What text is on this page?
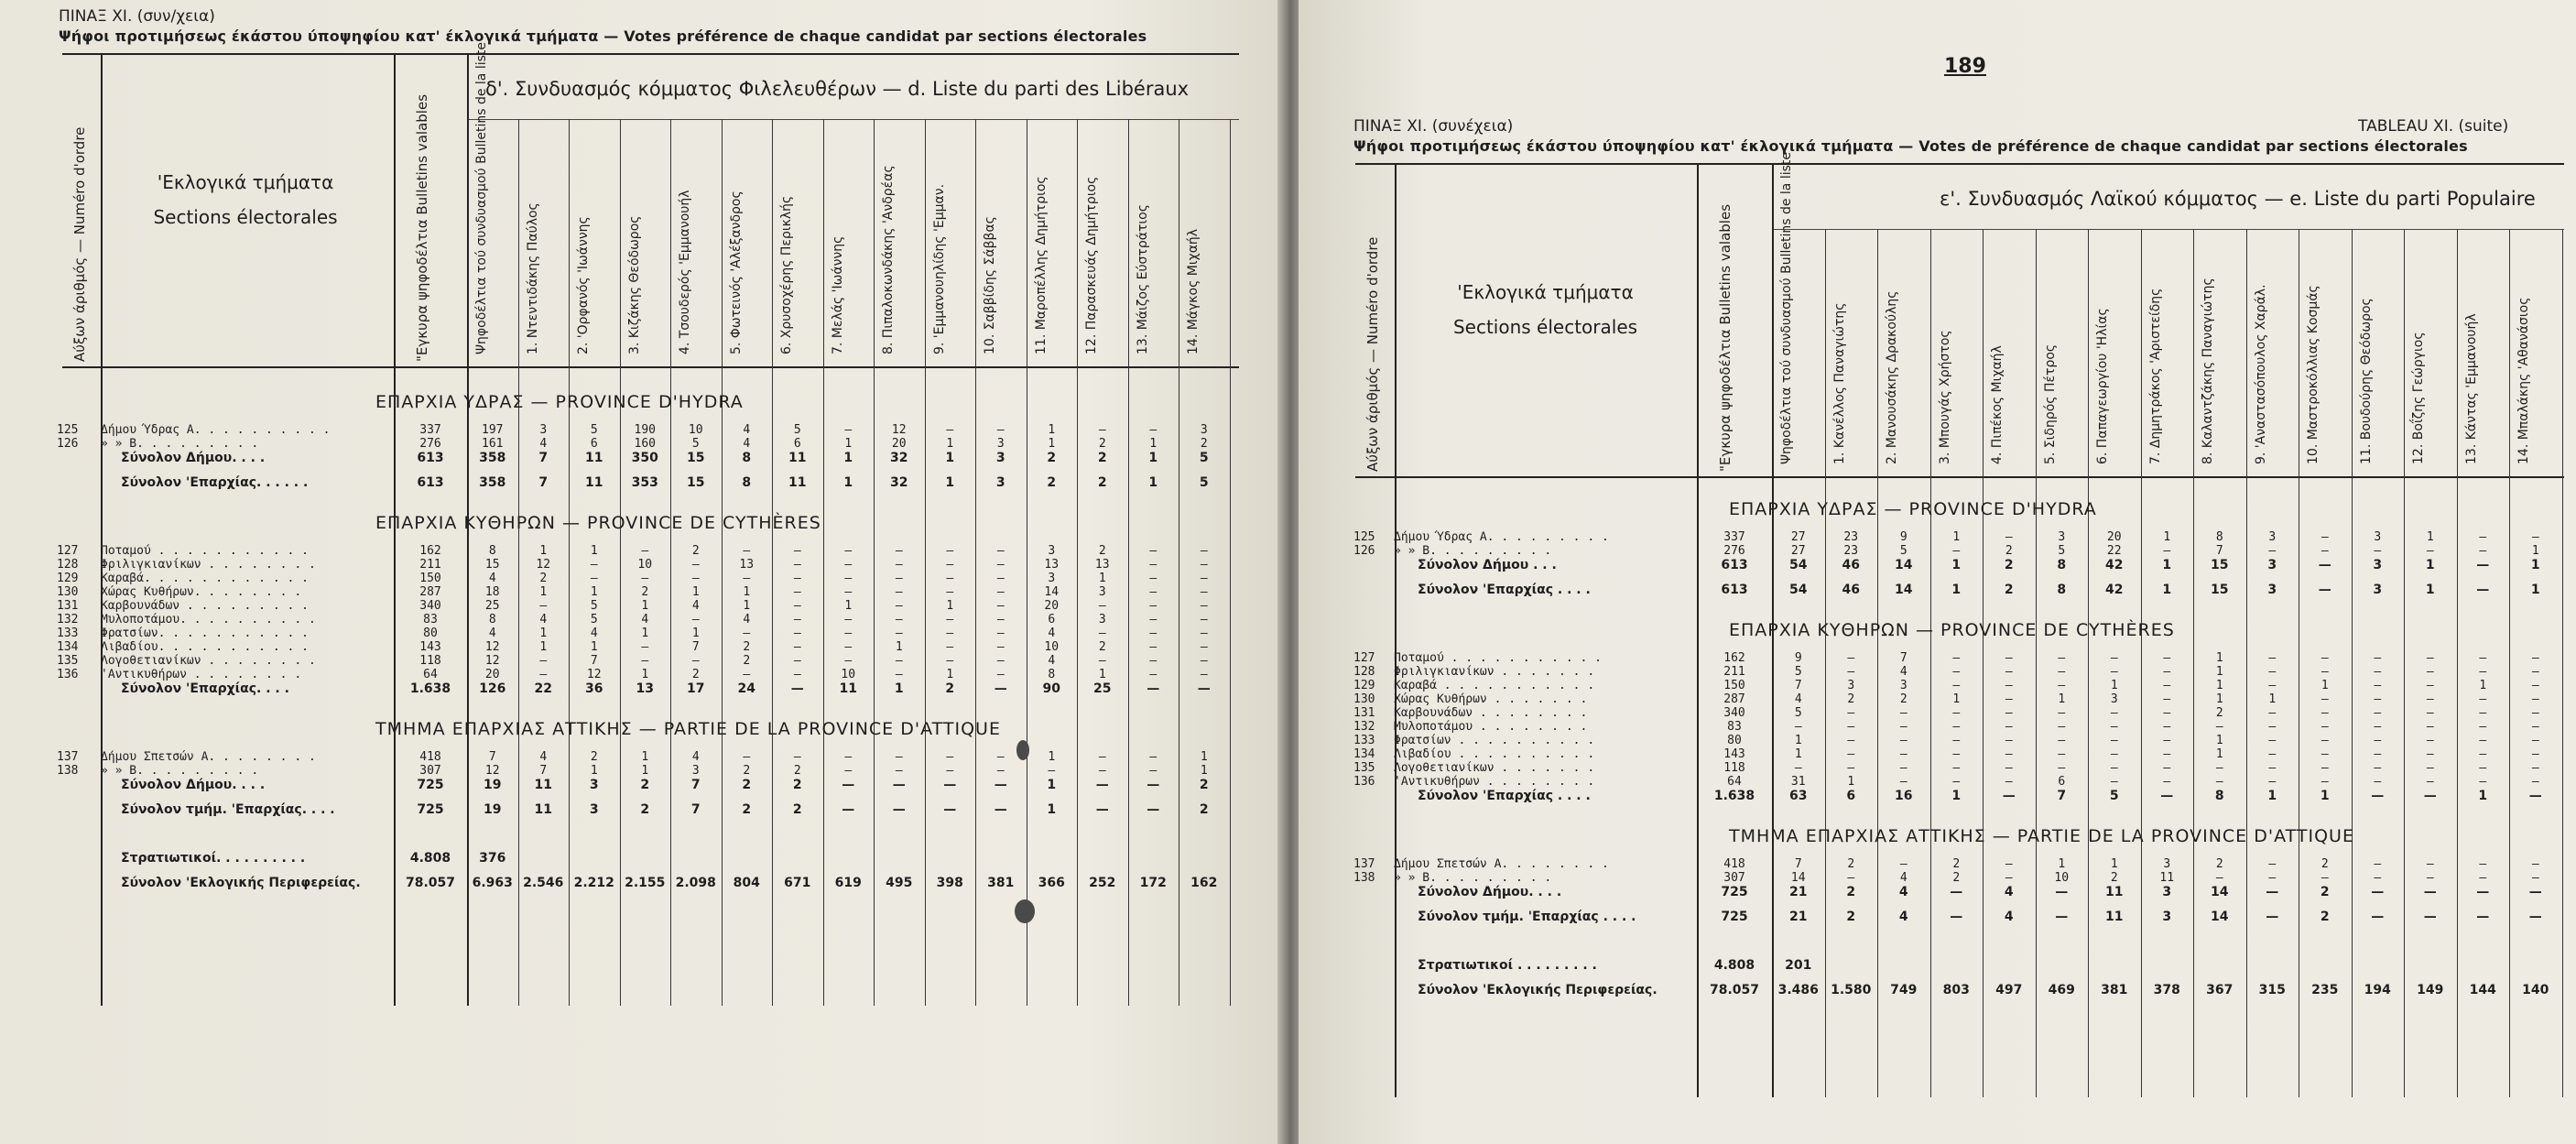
ΠΙΝΑΞ XI. (συν/χεια)
Ψήφοι προτιμήσεως έκάστου ύποψηφίου κατ' έκλογικά τμήματα — Votes préférence de chaque candidat par sections électorales
Αύξων άριθμός — Numéro d'ordre	'Εκλογικά τμήματα
Sections électorales	"Εγκυρα ψηφοδέλτια Bulletins valables
δ'. Συνδυασμός κόμματος Φιλελευθέρων — d. Liste du parti des Libéraux
Ψηφοδέλτια τού συνδυασμού Bulletins de la liste	1. Ντεντιδάκης Παύλος	2. 'Ορφανός 'Ιωάννης	3. Κιζάκης Θεόδωρος	4. Τσουδερός 'Εμμανουήλ	5. Φωτεινός 'Αλέξανδρος	6. Χρυσοχέρης Περικλής	7. Μελάς 'Ιωάννης	8. Πιπαλοκωνδάκης 'Ανδρέας	9. 'Εμμανουηλίδης 'Εμμαν.	10. Σαββίδης Σάββας	11. Μαροπέλλης Δημήτριος	12. Παρασκευάς Δημήτριος	13. Μάιζος Εύστράτιος	14. Μάγκος Μιχαήλ
ΕΠΑΡΧΙΑ ΥΔΡΑΣ — PROVINCE D'HYDRA
125 Δήμου Ύδρας Α. . . . . . . . . .	337	197	3	5	190	10	4	5	—	12	—	—	1	—	—	3
126 » » Β. . . . . . . . .	276	161	4	6	160	5	4	6	1	20	1	3	1	2	1	2
Σύνολον Δήμου. . . .	613	358	7	11	350	15	8	11	1	32	1	3	2	2	1	5
Σύνολον 'Επαρχίας. . . . . .	613	358	7	11	353	15	8	11	1	32	1	3	2	2	1	5
ΕΠΑΡΧΙΑ ΚΥΘΗΡΩΝ — PROVINCE DE CYTHÈRES
127 Ποταμού . . . . . . . . . . .	162	8	1	1	—	2	—	—	—	—	—	—	3	2	—	—
128 Φριλιγκιανίκων . . . . . . . .	211	15	12	—	10	—	13	—	—	—	—	—	13	13	—	—
129 Καραβά. . . . . . . . . . . .	150	4	2	—	—	—	—	—	—	—	—	—	3	1	—	—
130 Χώρας Κυθήρων. . . . . . . .	287	18	1	1	2	1	1	—	—	—	—	—	14	3	—	—
131 Καρβουνάδων . . . . . . . . .	340	25	—	5	1	4	1	—	1	—	1	—	20	—	—	—
132 Μυλοποτάμου. . . . . . . . . .	83	8	4	5	4	—	4	—	—	—	—	—	6	3	—	—
133 Φρατσίων. . . . . . . . . . .	80	4	1	4	1	1	—	—	—	—	—	—	4	—	—	—
134 Λιβαδίου. . . . . . . . . . .	143	12	1	1	—	7	2	—	—	1	—	—	10	2	—	—
135 Λογοθετιανίκων . . . . . . . .	118	12	—	7	—	—	2	—	—	—	—	—	4	—	—	—
136 'Αντικυθήρων . . . . . . . .	64	20	—	12	1	2	—	—	10	—	1	—	8	1	—	—
Σύνολον 'Επαρχίας. . . .	1.638	126	22	36	13	17	24	—	11	1	2	—	90	25	—	—
ΤΜΗΜΑ ΕΠΑΡΧΙΑΣ ΑΤΤΙΚΗΣ — PARTIE DE LA PROVINCE D'ATTIQUE
137 Δήμου Σπετσών Α. . . . . . . .	418	7	4	2	1	4	—	—	—	—	—	—	1	—	—	1
138 » » Β. . . . . . . . .	307	12	7	1	1	3	2	2	—	—	—	—	—	—	—	1
Σύνολον Δήμου. . . .	725	19	11	3	2	7	2	2	—	—	—	—	1	—	—	2
Σύνολον τμήμ. 'Επαρχίας. . . .	725	19	11	3	2	7	2	2	—	—	—	—	1	—	—	2
Στρατιωτικοί. . . . . . . . . .	4.808	376
Σύνολον 'Εκλογικής Περιφερείας.	78.057	6.963 2.546 2.212 2.155 2.098	804	671	619	495	398	381	366	252	172	162
189
ΠΙΝΑΞ XI. (συνέχεια)	TABLEAU XI. (suite)
Ψήφοι προτιμήσεως έκάστου ύποψηφίου κατ' έκλογικά τμήματα — Votes de préférence de chaque candidat par sections électorales
Αύξων άριθμός — Numéro d'ordre	'Εκλογικά τμήματα
Sections électorales	"Εγκυρα ψηφοδέλτια Bulletins valables
ε'. Συνδυασμός Λαϊκού κόμματος — e. Liste du parti Populaire
Ψηφοδέλτια τού συνδυασμού Bulletins de la liste	1. Κανέλλος Παναγιώτης	2. Μανουσάκης Δρακούλης	3. Μπουγάς Χρήστος	4. Πιπέκος Μιχαήλ	5. Σιδηρός Πέτρος	6. Παπαγεωργίου 'Ηλίας	7. Δημητράκος 'Αριστείδης	8. Καλαντζάκης Παναγιώτης	9. 'Αναστασόπουλος Χαράλ.	10. Μαστροκόλλιας Κοσμάς	11. Βουδούρης Θεόδωρος	12. Βοΐζης Γεώργιος	13. Κάντας 'Εμμανουήλ	14. Μπαλάκης 'Αθανάσιος
ΕΠΑΡΧΙΑ ΥΔΡΑΣ — PROVINCE D'HYDRA
125 Δήμου Ύδρας Α. . . . . . . . .	337	27	23	9	1	—	3	20	1	8	3	—	3	1	—	—
126 » » Β. . . . . . . . .	276	27	23	5	—	2	5	22	—	7	—	—	—	—	—	1
Σύνολον Δήμου . . .	613	54	46	14	1	2	8	42	1	15	3	—	3	1	—	1
Σύνολον 'Επαρχίας . . . .	613	54	46	14	1	2	8	42	1	15	3	—	3	1	—	1
ΕΠΑΡΧΙΑ ΚΥΘΗΡΩΝ — PROVINCE DE CYTHÈRES
127 Ποταμού . . . . . . . . . . .	162	9	—	7	—	—	—	—	—	1	—	—	—	—	—	—
128 Φριλιγκιανίκων . . . . . . .	211	5	—	4	—	—	—	—	—	1	—	—	—	—	—	—
129 Καραβά . . . . . . . . . . .	150	7	3	3	—	—	—	1	—	1	—	1	—	—	1	—
130 Χώρας Κυθήρων . . . . . . .	287	4	2	2	1	—	1	3	—	1	1	—	—	—	—	—
131 Καρβουνάδων . . . . . . . .	340	5	—	—	—	—	—	—	—	2	—	—	—	—	—	—
132 Μυλοποτάμου . . . . . . . .	83	—	—	—	—	—	—	—	—	—	—	—	—	—	—	—
133 Φρατσίων . . . . . . . . . .	80	1	—	—	—	—	—	—	—	1	—	—	—	—	—	—
134 Λιβαδίου . . . . . . . . . .	143	1	—	—	—	—	—	—	—	1	—	—	—	—	—	—
135 Λογοθετιανίκων . . . . . . .	118	—	—	—	—	—	—	—	—	—	—	—	—	—	—	—
136 'Αντικυθήρων . . . . . . . .	64	31	1	—	—	—	6	—	—	—	—	—	—	—	—	—
Σύνολον 'Επαρχίας . . . .	1.638	63	6	16	1	—	7	5	—	8	1	1	—	—	1	—
ΤΜΗΜΑ ΕΠΑΡΧΙΑΣ ΑΤΤΙΚΗΣ — PARTIE DE LA PROVINCE D'ATTIQUE
137 Δήμου Σπετσών Α. . . . . . . .	418	7	2	—	2	—	1	1	3	2	—	2	—	—	—	—
138 » » Β. . . . . . . . .	307	14	—	4	2	—	10	2	11	—	—	—	—	—	—	—
Σύνολον Δήμου. . . .	725	21	2	4	—	4	—	11	3	14	—	2	—	—	—	—
Σύνολον τμήμ. 'Επαρχίας . . . .	725	21	2	4	—	4	—	11	3	14	—	2	—	—	—	—
Στρατιωτικοί . . . . . . . . .	4.808	201
Σύνολον 'Εκλογικής Περιφερείας.	78.057	3.486 1.580	749	803	497	469	381	378	367	315	235	194	149	144	140
